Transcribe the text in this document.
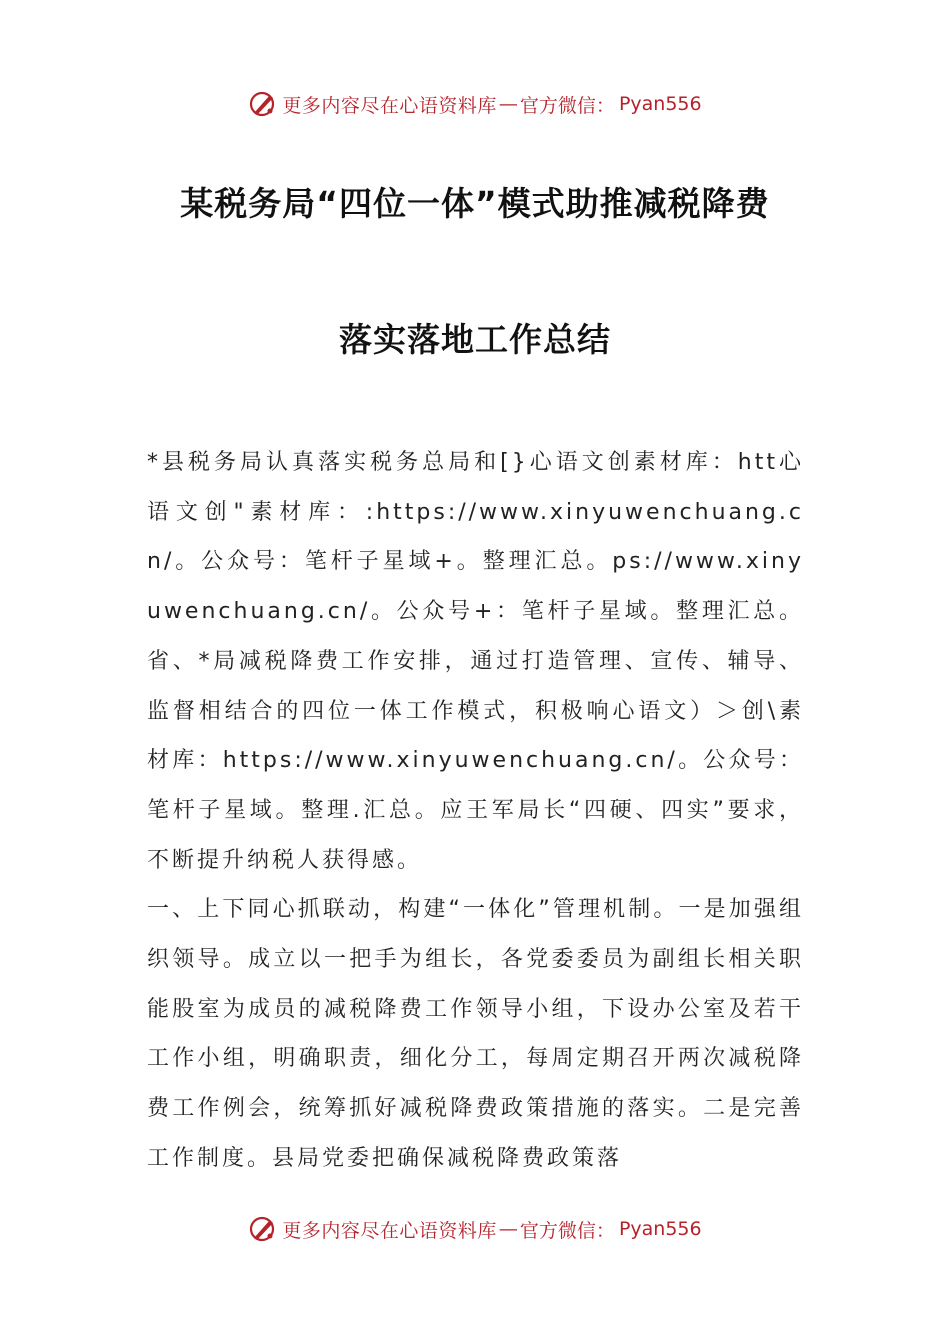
更多内容尽在心语资料库 — 官方微信： Pyan556
某税务局“四位一体”模式助推减税降费
落实落地工作总结

*县税务局认真落实税务总局和[}心语文创素材库：htt心语文创"素材库：:https://www.xinyuwenchuang.cn/。公众号：笔杆子星域+。整理汇总。ps://www.xinyuwenchuang.cn/。公众号+：笔杆子星域。整理汇总。省、*局减税降费工作安排，通过打造管理、宣传、辅导、监督相结合的四位一体工作模式，积极响心语文）＞创\素材库：https://www.xinyuwenchuang.cn/。公众号：笔杆子星域。整理.汇总。应王军局长“四硬、四实”要求，不断提升纳税人获得感。

一、上下同心抓联动，构建“一体化”管理机制。一是加强组织领导。成立以一把手为组长，各党委委员为副组长相关职能股室为成员的减税降费工作领导小组，下设办公室及若干工作小组，明确职责，细化分工，每周定期召开两次减税降费工作例会，统筹抓好减税降费政策措施的落实。二是完善工作制度。县局党委把确保减税降费政策落

更多内容尽在心语资料库 — 官方微信： Pyan556
